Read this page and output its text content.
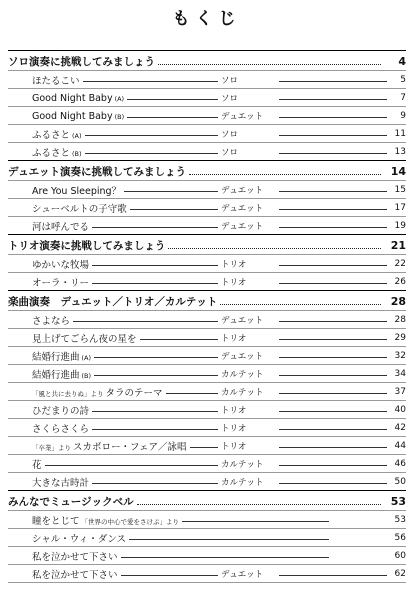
もくじ
ソロ演奏に挑戦してみましょう	4
ほたるこい	ソロ	5
Good Night Baby (A)	ソロ	7
Good Night Baby (B)	デュエット	9
ふるさと (A)	ソロ	11
ふるさと (B)	ソロ	13
デュエット演奏に挑戦してみましょう	14
Are You Sleeping？	デュエット	15
シューベルトの子守歌	デュエット	17
河は呼んでる	デュエット	19
トリオ演奏に挑戦してみましょう	21
ゆかいな牧場	トリオ	22
オーラ・リー	トリオ	26
楽曲演奏　デュエット／トリオ／カルテット	28
さよなら	デュエット	28
見上げてごらん夜の星を	トリオ	29
結婚行進曲 (A)	デュエット	32
結婚行進曲 (B)	カルテット	34
「風と共に去りぬ」より タラのテーマ	カルテット	37
ひだまりの詩	トリオ	40
さくらさくら	トリオ	42
「卒業」より スカボロー・フェア／詠唱	トリオ	44
花	カルテット	46
大きな古時計	カルテット	50
みんなでミュージックベル	53
瞳をとじて 「世界の中心で愛をさけぶ」より	53
シャル・ウィ・ダンス	56
私を泣かせて下さい	60
私を泣かせて下さい	デュエット	62
